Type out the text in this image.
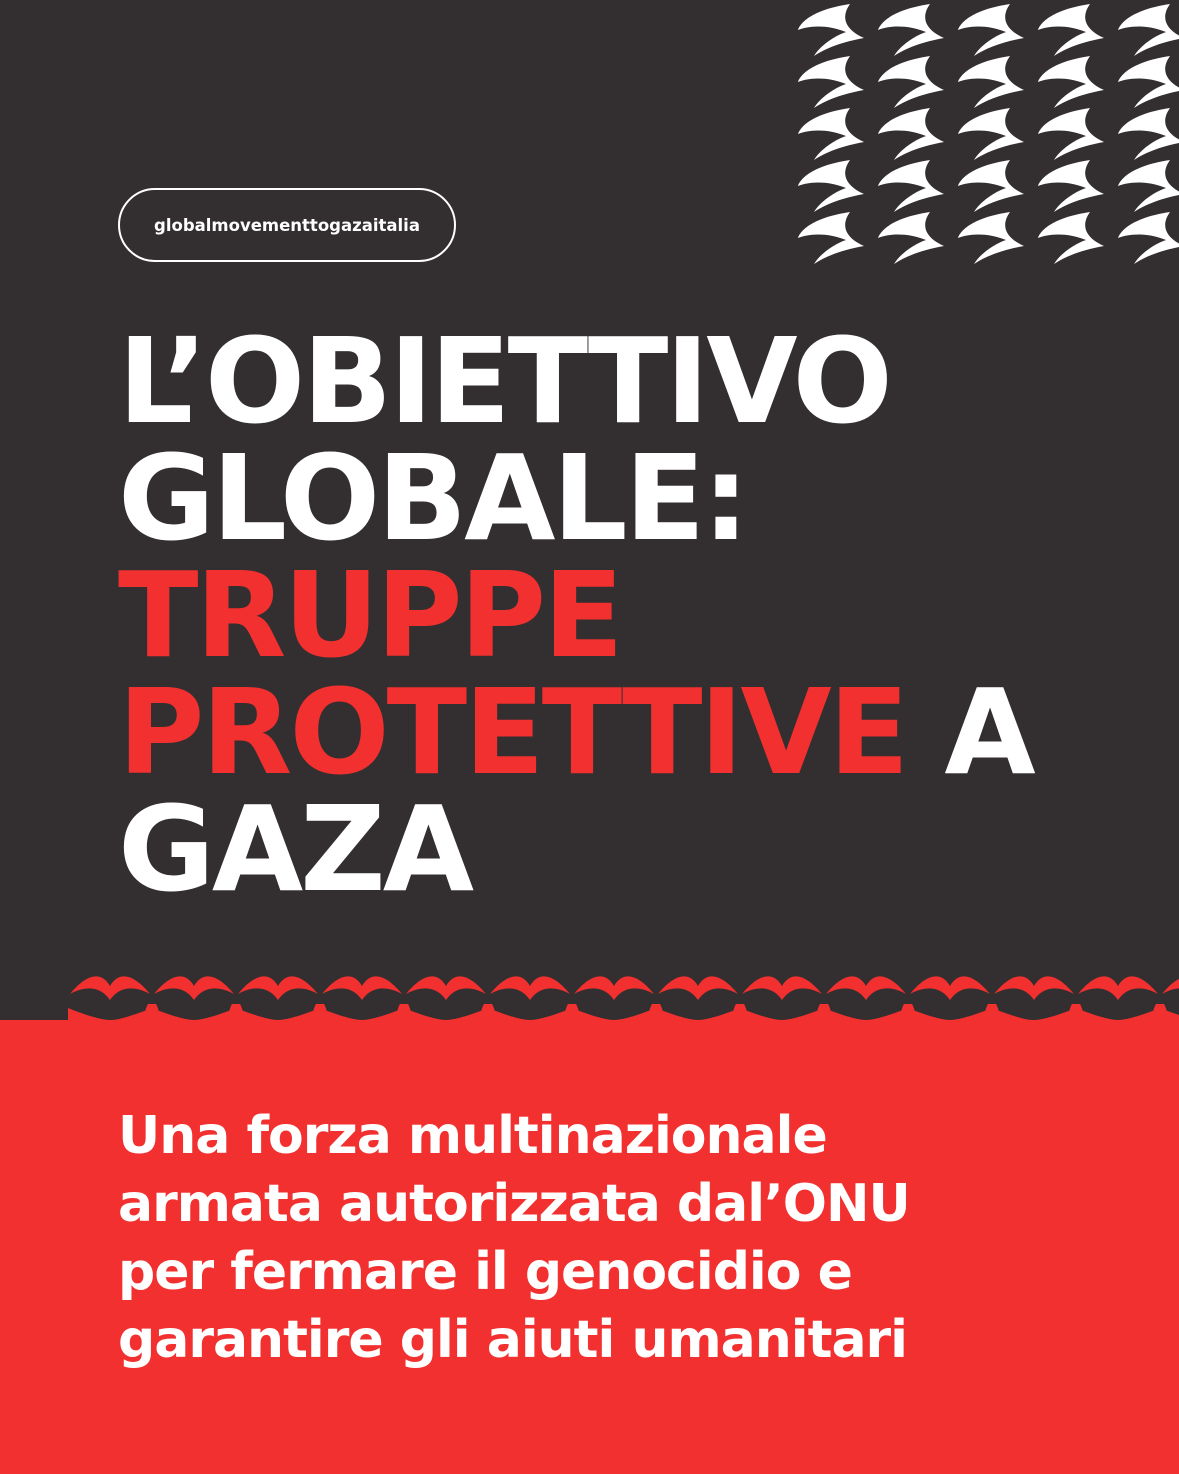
globalmovementtogazaitalia
L’OBIETTIVO
GLOBALE:
TRUPPE
PROTETTIVE A
GAZA

Una forza multinazionale
armata autorizzata dal’ONU
per fermare il genocidio e
garantire gli aiuti umanitari
